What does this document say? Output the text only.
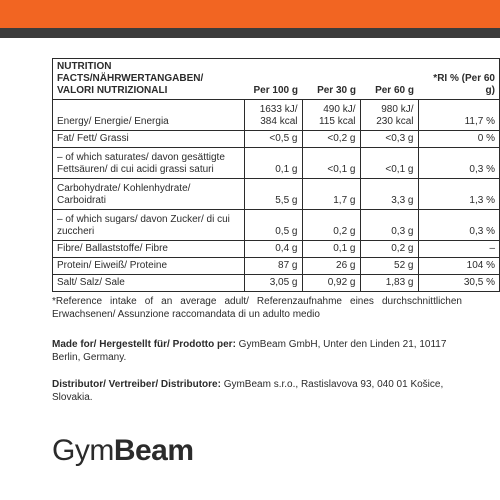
NUTRITION FACTS/NÄHRWERTANGABEN/ VALORI NUTRIZIONALI	Per 100 g	Per 30 g	Per 60 g	*RI % (Per 60 g)
Energy/ Energie/ Energia	1633 kJ/ 384 kcal	490 kJ/ 115 kcal	980 kJ/ 230 kcal	11,7 %
Fat/ Fett/ Grassi	<0,5 g	<0,2 g	<0,3 g	0 %
– of which saturates/ davon gesättigte Fettsäuren/ di cui acidi grassi saturi	0,1 g	<0,1 g	<0,1 g	0,3 %
Carbohydrate/ Kohlenhydrate/ Carboidrati	5,5 g	1,7 g	3,3 g	1,3 %
– of which sugars/ davon Zucker/ di cui zuccheri	0,5 g	0,2 g	0,3 g	0,3 %
Fibre/ Ballaststoffe/ Fibre	0,4 g	0,1 g	0,2 g	–
Protein/ Eiweiß/ Proteine	87 g	26 g	52 g	104 %
Salt/ Salz/ Sale	3,05 g	0,92 g	1,83 g	30,5 %
*Reference intake of an average adult/ Referenzaufnahme eines durchschnittlichen Erwachsenen/ Assunzione raccomandata di un adulto medio
Made for/ Hergestellt für/ Prodotto per: GymBeam GmbH, Unter den Linden 21, 10117 Berlin, Germany.
Distributor/ Vertreiber/ Distributore: GymBeam s.r.o., Rastislavova 93, 040 01 Košice, Slovakia.
GymBeam
